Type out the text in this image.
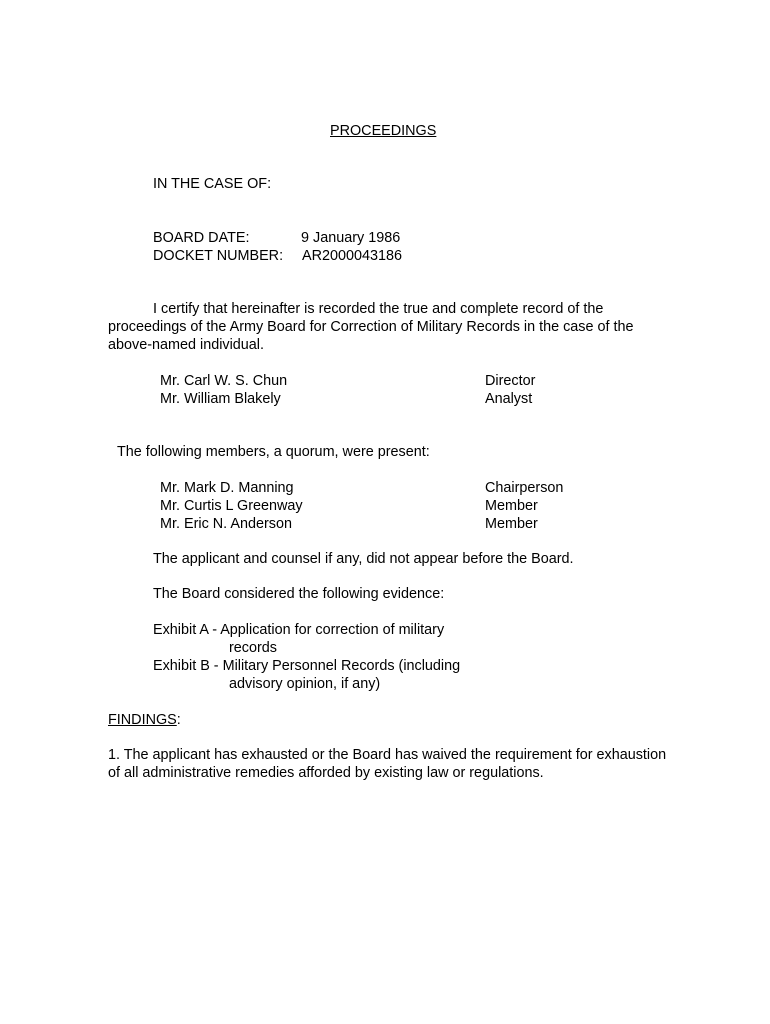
PROCEEDINGS
IN THE CASE OF:
BOARD DATE:	9 January 1986
DOCKET NUMBER: AR2000043186
I certify that hereinafter is recorded the true and complete record of the proceedings of the Army Board for Correction of Military Records in the case of the above-named individual.
Mr. Carl W. S. Chun	Director
Mr. William Blakely	Analyst
The following members, a quorum, were present:
Mr. Mark D. Manning	Chairperson
Mr. Curtis L Greenway	Member
Mr. Eric N. Anderson	Member
The applicant and counsel if any, did not appear before the Board.
The Board considered the following evidence:
Exhibit A - Application for correction of military
records
Exhibit B - Military Personnel Records (including
advisory opinion, if any)
FINDINGS:
1. The applicant has exhausted or the Board has waived the requirement for exhaustion of all administrative remedies afforded by existing law or regulations.
